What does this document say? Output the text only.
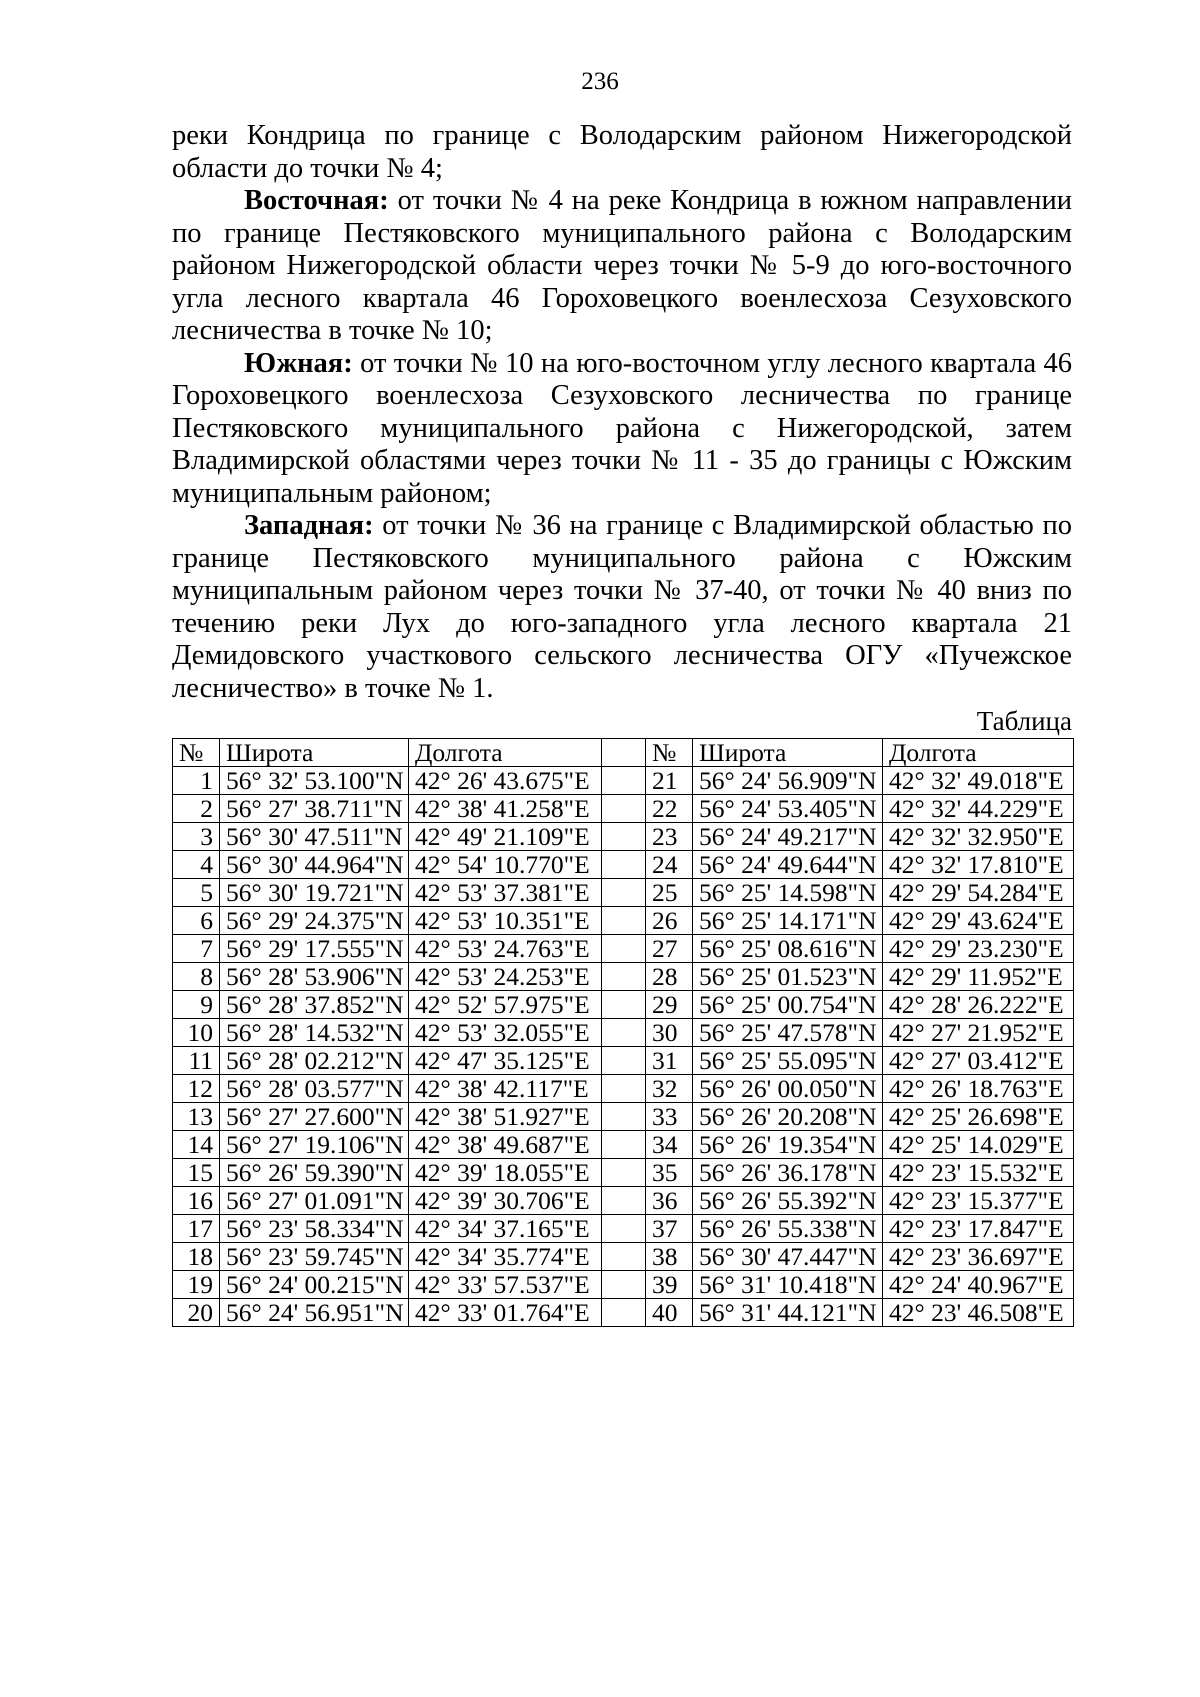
236

реки Кондрица по границе с Володарским районом Нижегородской области до точки № 4;

Восточная: от точки № 4 на реке Кондрица в южном направлении по границе Пестяковского муниципального района с Володарским районом Нижегородской области через точки № 5-9 до юго-восточного угла лесного квартала 46 Гороховецкого военлесхоза Сезуховского лесничества в точке № 10;

Южная: от точки № 10 на юго-восточном углу лесного квартала 46 Гороховецкого военлесхоза Сезуховского лесничества по границе Пестяковского муниципального района с Нижегородской, затем Владимирской областями через точки № 11 - 35 до границы с Южским муниципальным районом;

Западная: от точки № 36 на границе с Владимирской областью по границе Пестяковского муниципального района с Южским муниципальным районом через точки № 37-40, от точки № 40 вниз по течению реки Лух до юго-западного угла лесного квартала 21 Демидовского участкового сельского лесничества ОГУ «Пучежское лесничество» в точке № 1.

Таблица
№	Широта	Долгота		№	Широта	Долгота
1	56° 32' 53.100"N	42° 26' 43.675"E		21	56° 24' 56.909"N	42° 32' 49.018"E
2	56° 27' 38.711"N	42° 38' 41.258"E		22	56° 24' 53.405"N	42° 32' 44.229"E
3	56° 30' 47.511"N	42° 49' 21.109"E		23	56° 24' 49.217"N	42° 32' 32.950"E
4	56° 30' 44.964"N	42° 54' 10.770"E		24	56° 24' 49.644"N	42° 32' 17.810"E
5	56° 30' 19.721"N	42° 53' 37.381"E		25	56° 25' 14.598"N	42° 29' 54.284"E
6	56° 29' 24.375"N	42° 53' 10.351"E		26	56° 25' 14.171"N	42° 29' 43.624"E
7	56° 29' 17.555"N	42° 53' 24.763"E		27	56° 25' 08.616"N	42° 29' 23.230"E
8	56° 28' 53.906"N	42° 53' 24.253"E		28	56° 25' 01.523"N	42° 29' 11.952"E
9	56° 28' 37.852"N	42° 52' 57.975"E		29	56° 25' 00.754"N	42° 28' 26.222"E
10	56° 28' 14.532"N	42° 53' 32.055"E		30	56° 25' 47.578"N	42° 27' 21.952"E
11	56° 28' 02.212"N	42° 47' 35.125"E		31	56° 25' 55.095"N	42° 27' 03.412"E
12	56° 28' 03.577"N	42° 38' 42.117"E		32	56° 26' 00.050"N	42° 26' 18.763"E
13	56° 27' 27.600"N	42° 38' 51.927"E		33	56° 26' 20.208"N	42° 25' 26.698"E
14	56° 27' 19.106"N	42° 38' 49.687"E		34	56° 26' 19.354"N	42° 25' 14.029"E
15	56° 26' 59.390"N	42° 39' 18.055"E		35	56° 26' 36.178"N	42° 23' 15.532"E
16	56° 27' 01.091"N	42° 39' 30.706"E		36	56° 26' 55.392"N	42° 23' 15.377"E
17	56° 23' 58.334"N	42° 34' 37.165"E		37	56° 26' 55.338"N	42° 23' 17.847"E
18	56° 23' 59.745"N	42° 34' 35.774"E		38	56° 30' 47.447"N	42° 23' 36.697"E
19	56° 24' 00.215"N	42° 33' 57.537"E		39	56° 31' 10.418"N	42° 24' 40.967"E
20	56° 24' 56.951"N	42° 33' 01.764"E		40	56° 31' 44.121"N	42° 23' 46.508"E
